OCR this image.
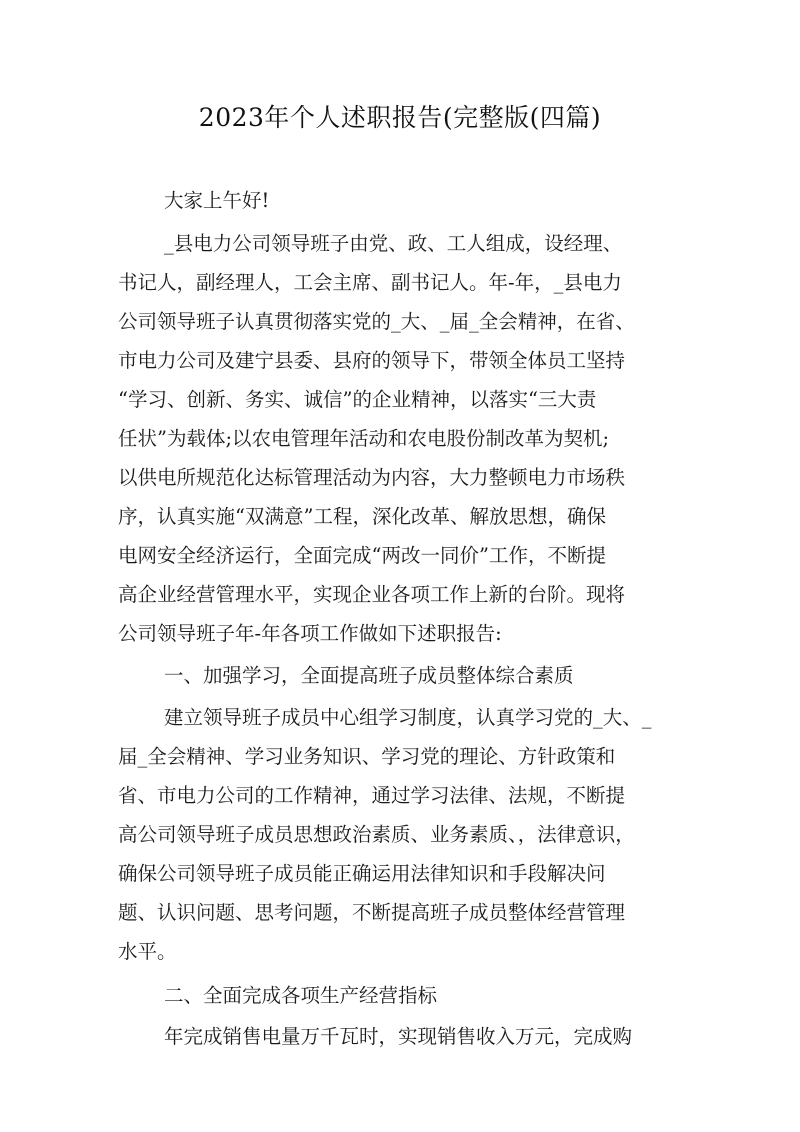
2023年个人述职报告(完整版(四篇)
大家上午好!
_县电力公司领导班子由党、政、工人组成，设经理、
书记人，副经理人，工会主席、副书记人。年-年，_县电力
公司领导班子认真贯彻落实党的_大、_届_全会精神，在省、
市电力公司及建宁县委、县府的领导下，带领全体员工坚持
“学习、创新、务实、诚信”的企业精神，以落实“三大责
任状”为载体;以农电管理年活动和农电股份制改革为契机;
以供电所规范化达标管理活动为内容，大力整顿电力市场秩
序，认真实施“双满意”工程，深化改革、解放思想，确保
电网安全经济运行，全面完成“两改一同价”工作，不断提
高企业经营管理水平，实现企业各项工作上新的台阶。现将
公司领导班子年-年各项工作做如下述职报告:
一、加强学习，全面提高班子成员整体综合素质
建立领导班子成员中心组学习制度，认真学习党的_大、_
届_全会精神、学习业务知识、学习党的理论、方针政策和
省、市电力公司的工作精神，通过学习法律、法规，不断提
高公司领导班子成员思想政治素质、业务素质、，法律意识，
确保公司领导班子成员能正确运用法律知识和手段解决问
题、认识问题、思考问题，不断提高班子成员整体经营管理
水平。
二、全面完成各项生产经营指标
年完成销售电量万千瓦时，实现销售收入万元，完成购
